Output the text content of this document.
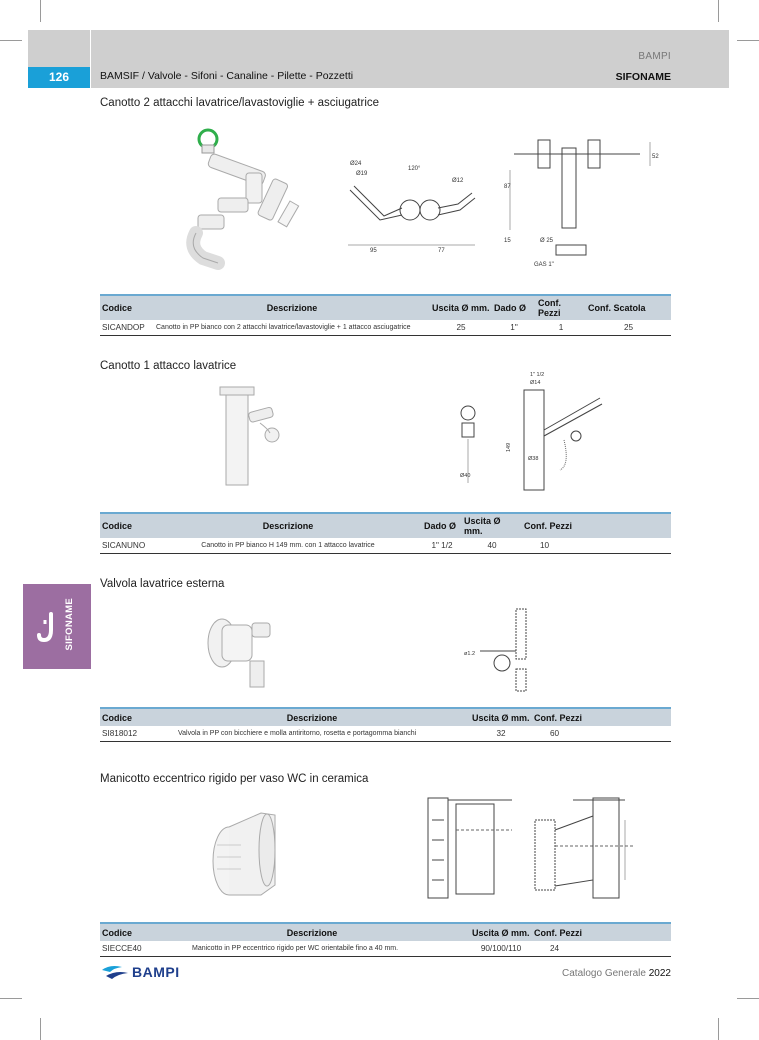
126
BAMPI
BAMSIF / Valvole - Sifoni - Canaline - Pilette - Pozzetti	SIFONAME
SIFONAME
Canotto 2 attacchi lavatrice/lavastoviglie + asciugatrice
Ø24
Ø19
120°
Ø12
95	77
52
87
15	Ø 25
GAS 1"
Codice	Descrizione	Uscita Ø mm.	Dado Ø	Conf. Pezzi	Conf. Scatola
SICANDOP	Canotto in PP bianco con 2 attacchi lavatrice/lavastoviglie + 1 attacco asciugatrice	25	1"	1	25
Canotto 1 attacco lavatrice
Ø40
1" 1/2
Ø14
149
Ø38
Codice	Descrizione	Dado Ø	Uscita Ø mm.	Conf. Pezzi
SICANUNO	Canotto in PP bianco H 149 mm. con 1 attacco lavatrice	1" 1/2	40	10
Valvola lavatrice esterna
ø1.2
Codice	Descrizione	Uscita Ø mm.	Conf. Pezzi
SI818012	Valvola in PP con bicchiere e molla antiritorno, rosetta e portagomma bianchi	32	60
Manicotto eccentrico rigido per vaso WC in ceramica
Codice	Descrizione	Uscita Ø mm.	Conf. Pezzi
SIECCE40	Manicotto in PP eccentrico rigido per WC orientabile fino a 40 mm.	90/100/110	24
BAMPI	Catalogo Generale 2022
